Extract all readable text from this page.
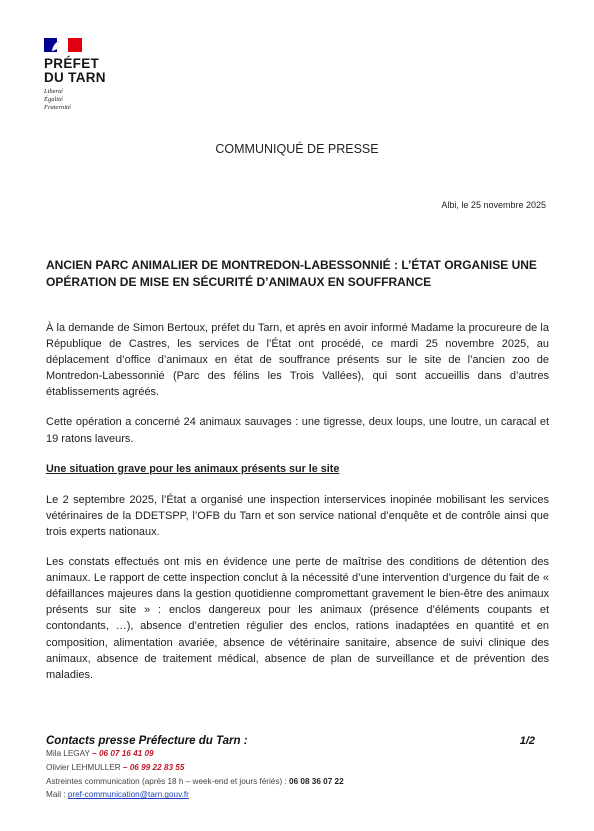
PRÉFET
DU TARN
Liberté
Égalité
Fraternité
COMMUNIQUÉ DE PRESSE
Albi, le 25 novembre 2025
ANCIEN PARC ANIMALIER DE MONTREDON-LABESSONNIÉ : L’ÉTAT ORGANISE UNE OPÉRATION DE MISE EN SÉCURITÉ D’ANIMAUX EN SOUFFRANCE

À la demande de Simon Bertoux, préfet du Tarn, et après en avoir informé Madame la procureure de la République de Castres, les services de l’État ont procédé, ce mardi 25 novembre 2025, au déplacement d’office d’animaux en état de souffrance présents sur le site de l’ancien zoo de Montredon-Labessonnié (Parc des félins les Trois Vallées), qui sont accueillis dans d’autres établissements agréés.

Cette opération a concerné 24 animaux sauvages : une tigresse, deux loups, une loutre, un caracal et 19 ratons laveurs.

Une situation grave pour les animaux présents sur le site

Le 2 septembre 2025, l’État a organisé une inspection interservices inopinée mobilisant les services vétérinaires de la DDETSPP, l’OFB du Tarn et son service national d’enquête et de contrôle ainsi que trois experts nationaux.

Les constats effectués ont mis en évidence une perte de maîtrise des conditions de détention des animaux. Le rapport de cette inspection conclut à la nécessité d’une intervention d’urgence du fait de « défaillances majeures dans la gestion quotidienne compromettant gravement le bien-être des animaux présents sur site » : enclos dangereux pour les animaux (présence d’éléments coupants et contondants, …), absence d’entretien régulier des enclos, rations inadaptées en quantité et en composition, alimentation avariée, absence de vétérinaire sanitaire, absence de suivi clinique des animaux, absence de traitement médical, absence de plan de surveillance et de prévention des maladies.

Contacts presse Préfecture du Tarn :	1/2
Mila LEGAY – 06 07 16 41 09
Olivier LEHMULLER – 06 99 22 83 55
Astreintes communication (après 18 h – week-end et jours fériés) : 06 08 36 07 22
Mail : pref-communication@tarn.gouv.fr
